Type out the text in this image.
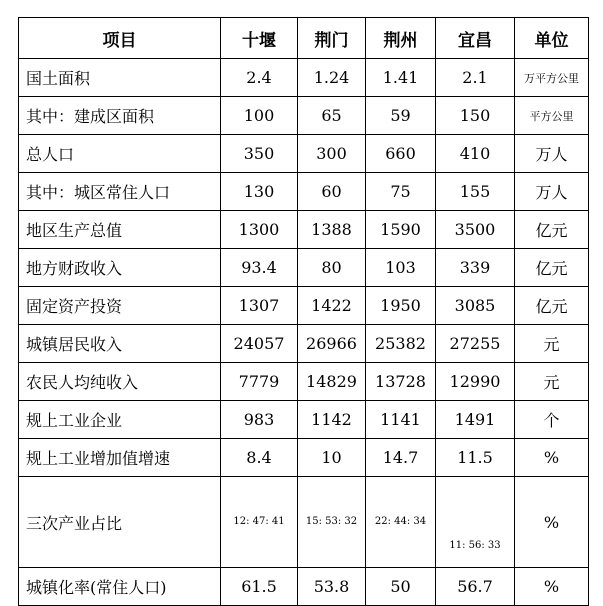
项目	十堰	荆门	荆州	宜昌	单位
国土面积	2.4	1.24	1.41	2.1	万平方公里
其中：建成区面积	100	65	59	150	平方公里
总人口	350	300	660	410	万人
其中：城区常住人口	130	60	75	155	万人
地区生产总值	1300	1388	1590	3500	亿元
地方财政收入	93.4	80	103	339	亿元
固定资产投资	1307	1422	1950	3085	亿元
城镇居民收入	24057	26966	25382	27255	元
农民人均纯收入	7779	14829	13728	12990	元
规上工业企业	983	1142	1141	1491	个
规上工业增加值增速	8.4	10	14.7	11.5	%
三次产业占比	12: 47: 41	15: 53: 32	22: 44: 34	11: 56: 33	%
城镇化率(常住人口)	61.5	53.8	50	56.7	%
